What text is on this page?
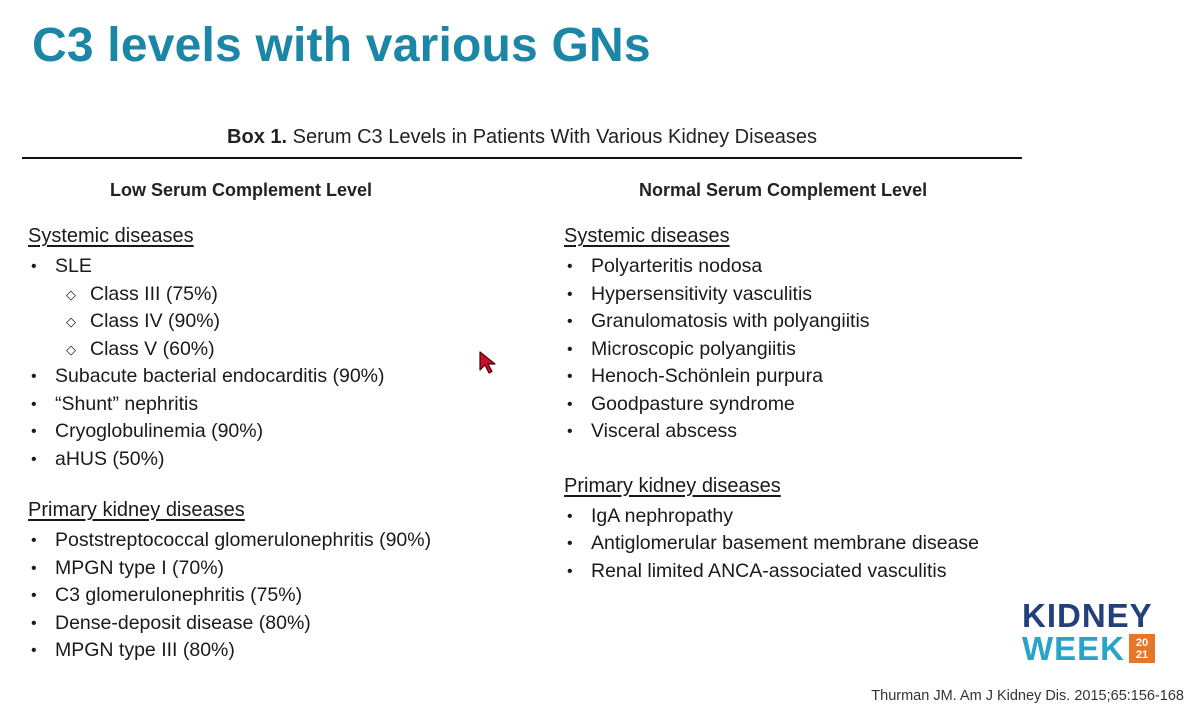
C3 levels with various GNs
Box 1. Serum C3 Levels in Patients With Various Kidney Diseases
Low Serum Complement Level
Systemic diseases
• SLE
◇ Class III (75%)
◇ Class IV (90%)
◇ Class V (60%)
• Subacute bacterial endocarditis (90%)
• “Shunt” nephritis
• Cryoglobulinemia (90%)
• aHUS (50%)
Primary kidney diseases
• Poststreptococcal glomerulonephritis (90%)
• MPGN type I (70%)
• C3 glomerulonephritis (75%)
• Dense-deposit disease (80%)
• MPGN type III (80%)
Normal Serum Complement Level
Systemic diseases
• Polyarteritis nodosa
• Hypersensitivity vasculitis
• Granulomatosis with polyangiitis
• Microscopic polyangiitis
• Henoch-Schönlein purpura
• Goodpasture syndrome
• Visceral abscess
Primary kidney diseases
• IgA nephropathy
• Antiglomerular basement membrane disease
• Renal limited ANCA-associated vasculitis
KIDNEY
WEEK 20
21
Thurman JM. Am J Kidney Dis. 2015;65:156-168
